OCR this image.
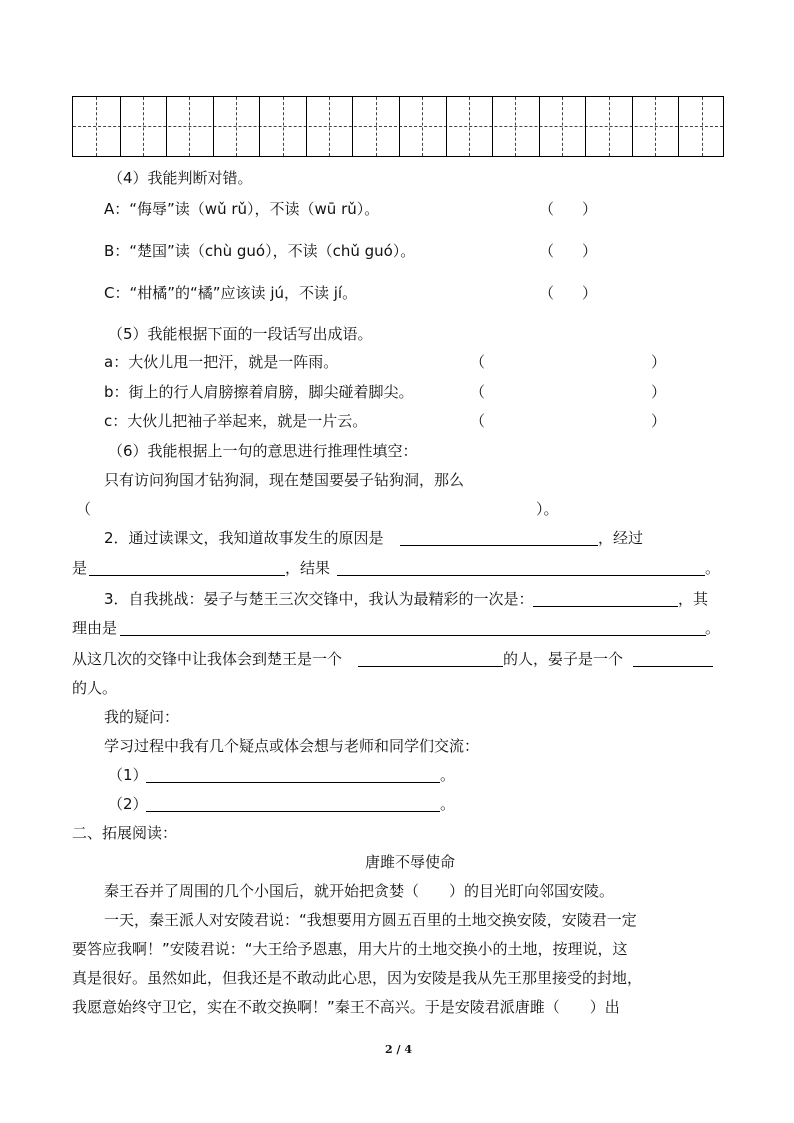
（4）我能判断对错。
A：“侮辱”读（wǔ rǔ），不读（wū rǔ）。	（ ）
B：“楚国”读（chù guó），不读（chǔ guó）。	（ ）
C：“柑橘”的“橘”应该读 jú，不读 jí。	（ ）
（5）我能根据下面的一段话写出成语。
a：大伙儿甩一把汗，就是一阵雨。	（	）
b：街上的行人肩膀擦着肩膀，脚尖碰着脚尖。	（	）
c：大伙儿把袖子举起来，就是一片云。	（	）
（6）我能根据上一句的意思进行推理性填空：
只有访问狗国才钻狗洞，现在楚国要晏子钻狗洞，那么
（	）。
2．通过读课文，我知道故事发生的原因是	，经过
是	，结果	。
3．自我挑战：晏子与楚王三次交锋中，我认为最精彩的一次是：	，其
理由是	。
从这几次的交锋中让我体会到楚王是一个	的人，晏子是一个
的人。
我的疑问：
学习过程中我有几个疑点或体会想与老师和同学们交流：
（1）	。
（2）	。
二、拓展阅读：
唐雎不辱使命
秦王吞并了周围的几个小国后，就开始把贪婪（　　）的目光盯向邻国安陵。
一天，秦王派人对安陵君说：“我想要用方圆五百里的土地交换安陵，安陵君一定
要答应我啊！”安陵君说：“大王给予恩惠，用大片的土地交换小的土地，按理说，这
真是很好。虽然如此，但我还是不敢动此心思，因为安陵是我从先王那里接受的封地，
我愿意始终守卫它，实在不敢交换啊！”秦王不高兴。于是安陵君派唐雎（　　）出
2 / 4
